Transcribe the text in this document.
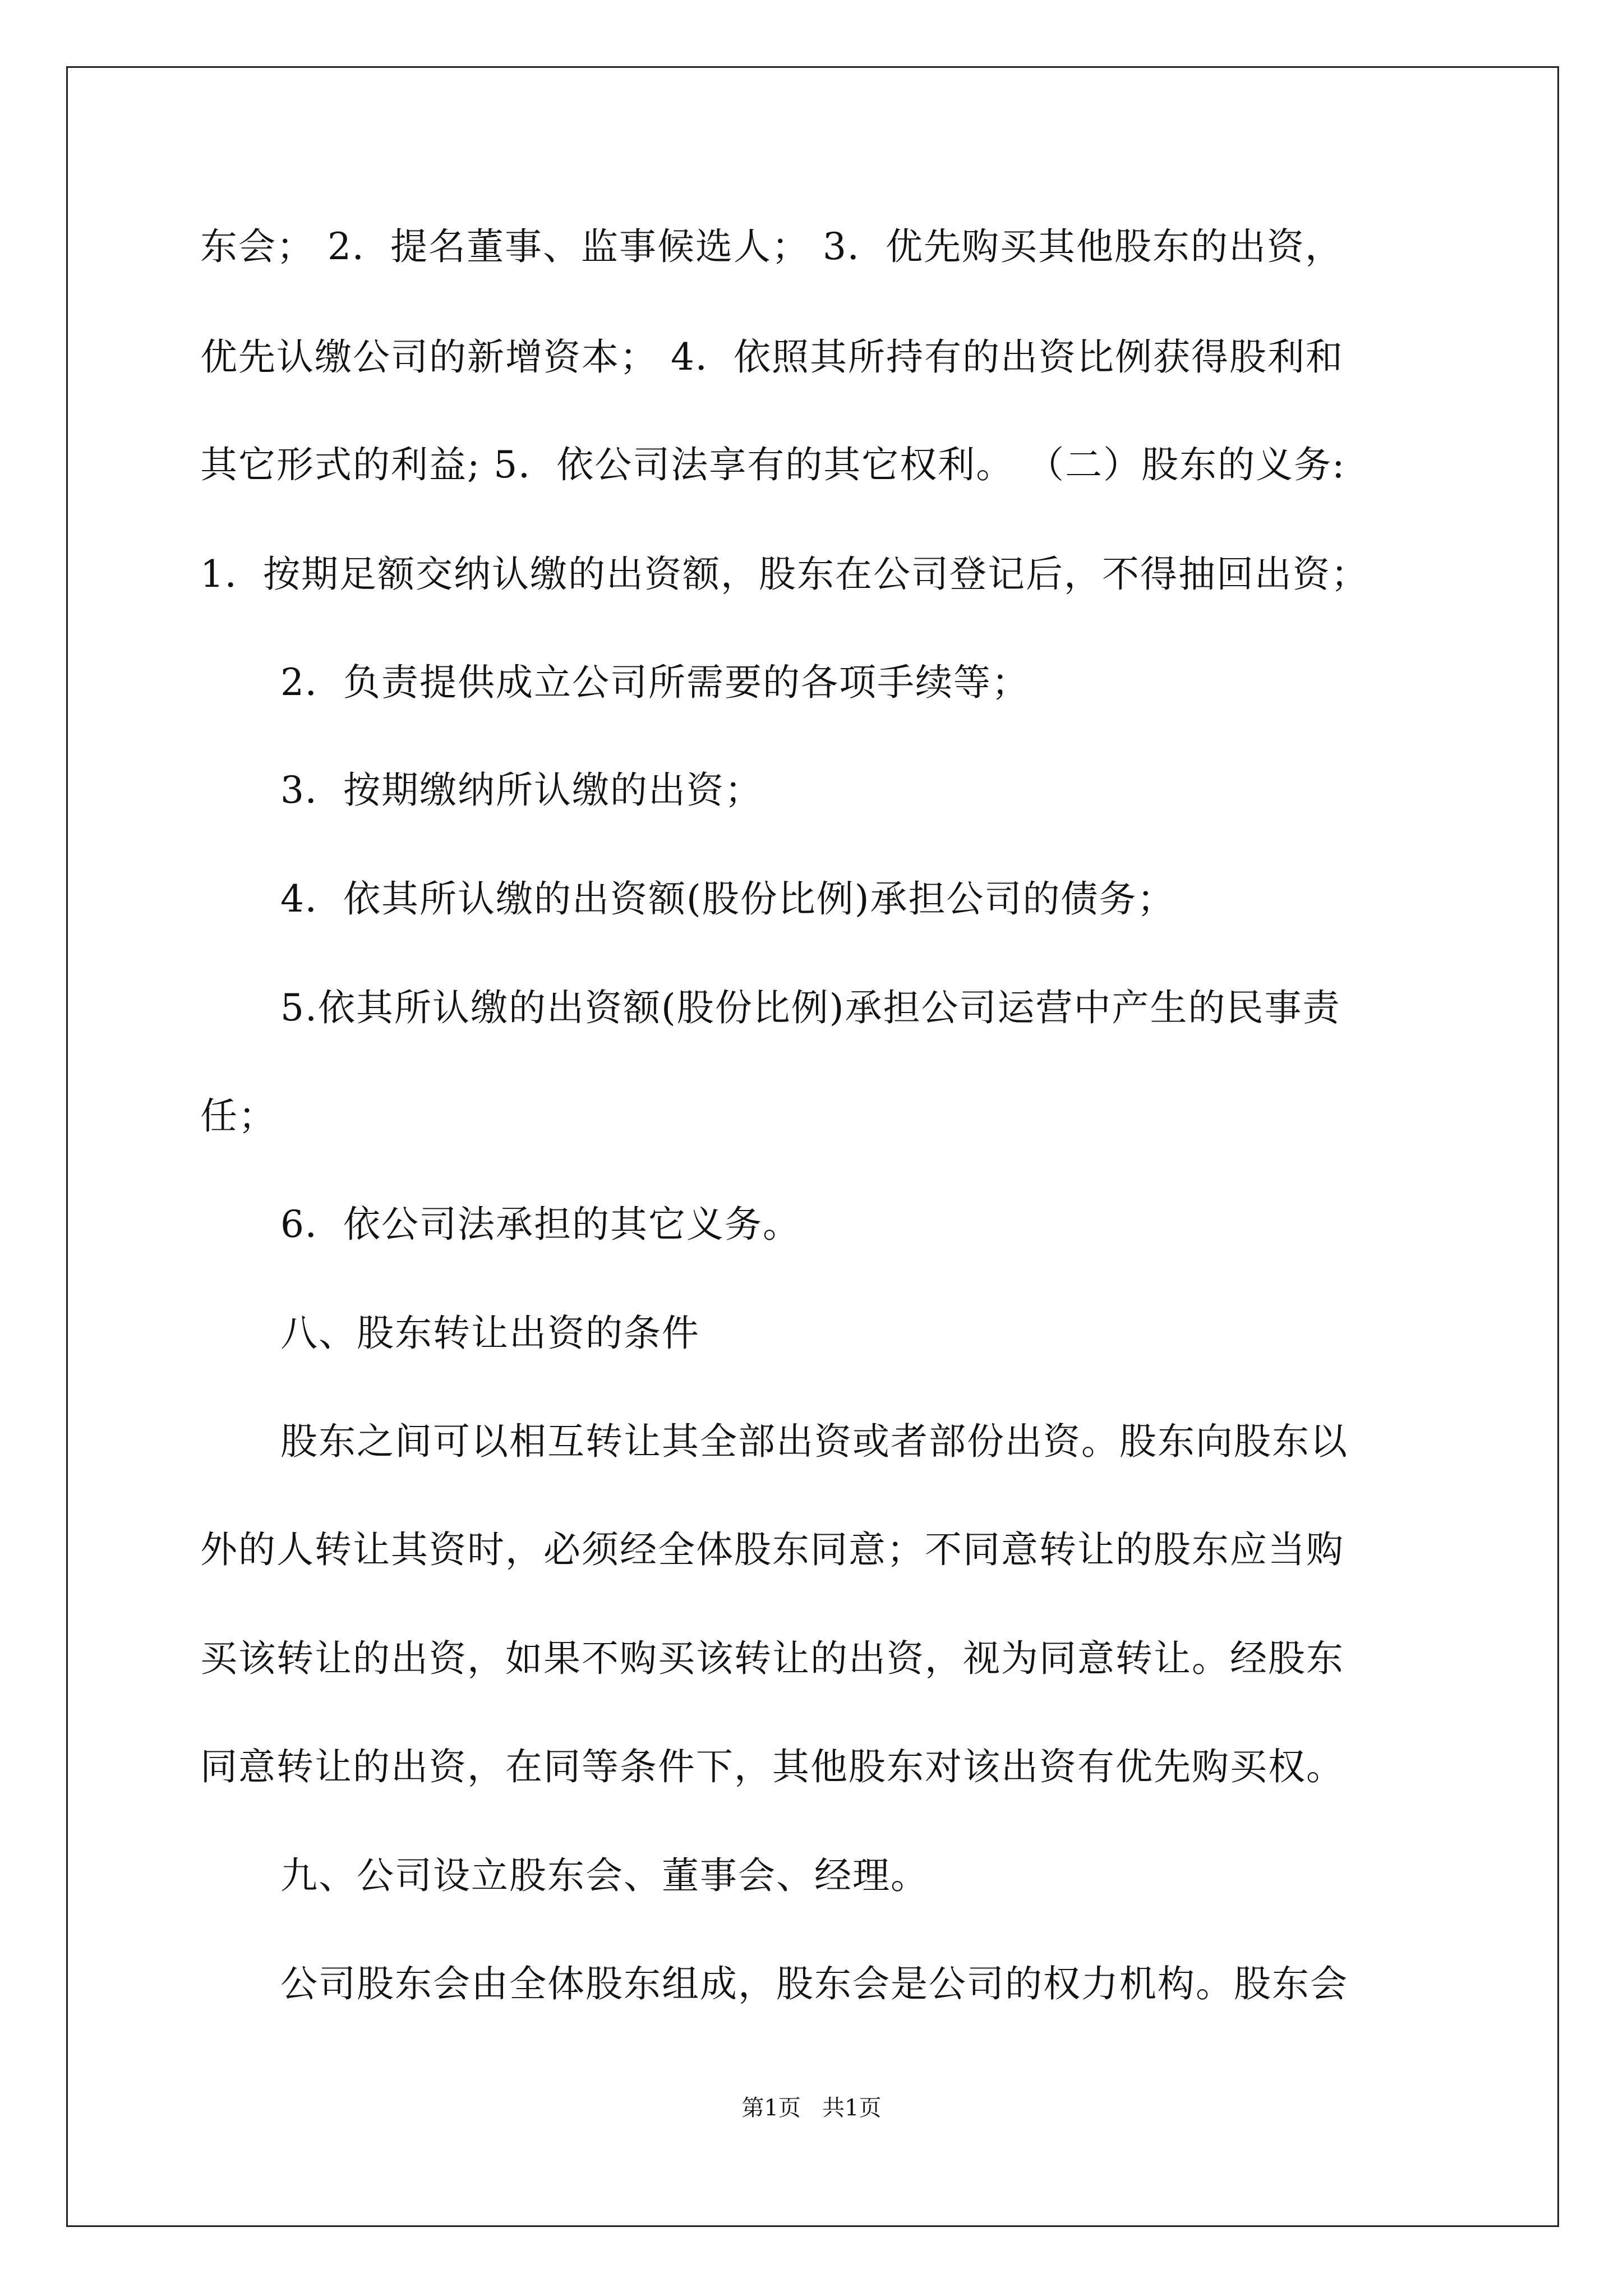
东会； 2．提名董事、监事候选人； 3．优先购买其他股东的出资，
优先认缴公司的新增资本； 4．依照其所持有的出资比例获得股利和
其它形式的利益; 5．依公司法享有的其它权利。 （二）股东的义务:
1．按期足额交纳认缴的出资额，股东在公司登记后，不得抽回出资；
2．负责提供成立公司所需要的各项手续等；
3．按期缴纳所认缴的出资；
4．依其所认缴的出资额(股份比例)承担公司的债务；
5.依其所认缴的出资额(股份比例)承担公司运营中产生的民事责
任；
6．依公司法承担的其它义务。
八、股东转让出资的条件
股东之间可以相互转让其全部出资或者部份出资。股东向股东以
外的人转让其资时，必须经全体股东同意；不同意转让的股东应当购
买该转让的出资，如果不购买该转让的出资，视为同意转让。经股东
同意转让的出资，在同等条件下，其他股东对该出资有优先购买权。
九、公司设立股东会、董事会、经理。
公司股东会由全体股东组成，股东会是公司的权力机构。股东会
第1页   共1页
